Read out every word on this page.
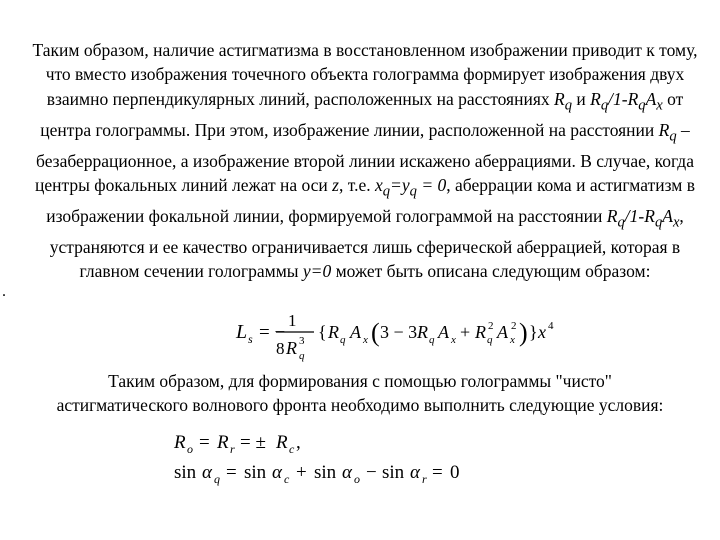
Таким образом, наличие астигматизма в восстановленном изображении приводит к тому, что вместо изображения точечного объекта голограмма формирует изображения двух взаимно перпендикулярных линий, расположенных на расстояниях $R_q$ и $R_q/1-R_qA_x$ от центра голограммы. При этом, изображение линии, расположенной на расстоянии $R_q$ – безаберрационное, а изображение второй линии искажено аберрациями. В случае, когда центры фокальных линий лежат на оси z, т.е. $x_q=y_q = 0$, аберрации кома и астигматизм в изображении фокальной линии, формируемой голограммой на расстоянии $R_q/1-R_qA_x$, устраняются и ее качество ограничивается лишь сферической аберрацией, которая в главном сечении голограммы y=0 может быть описана следующим образом:
.
L s = −
1
8 R 3
q
{ R q A x ( 3 − 3 R q A x + R 2
q A 2
x ) } x 4
Таким образом, для формирования с помощью голограммы "чисто"
астигматического волнового фронта необходимо выполнить следующие условия:
R o = R r = ± R c ,
sin α q = sin α c + sin α o − sin α r = 0
